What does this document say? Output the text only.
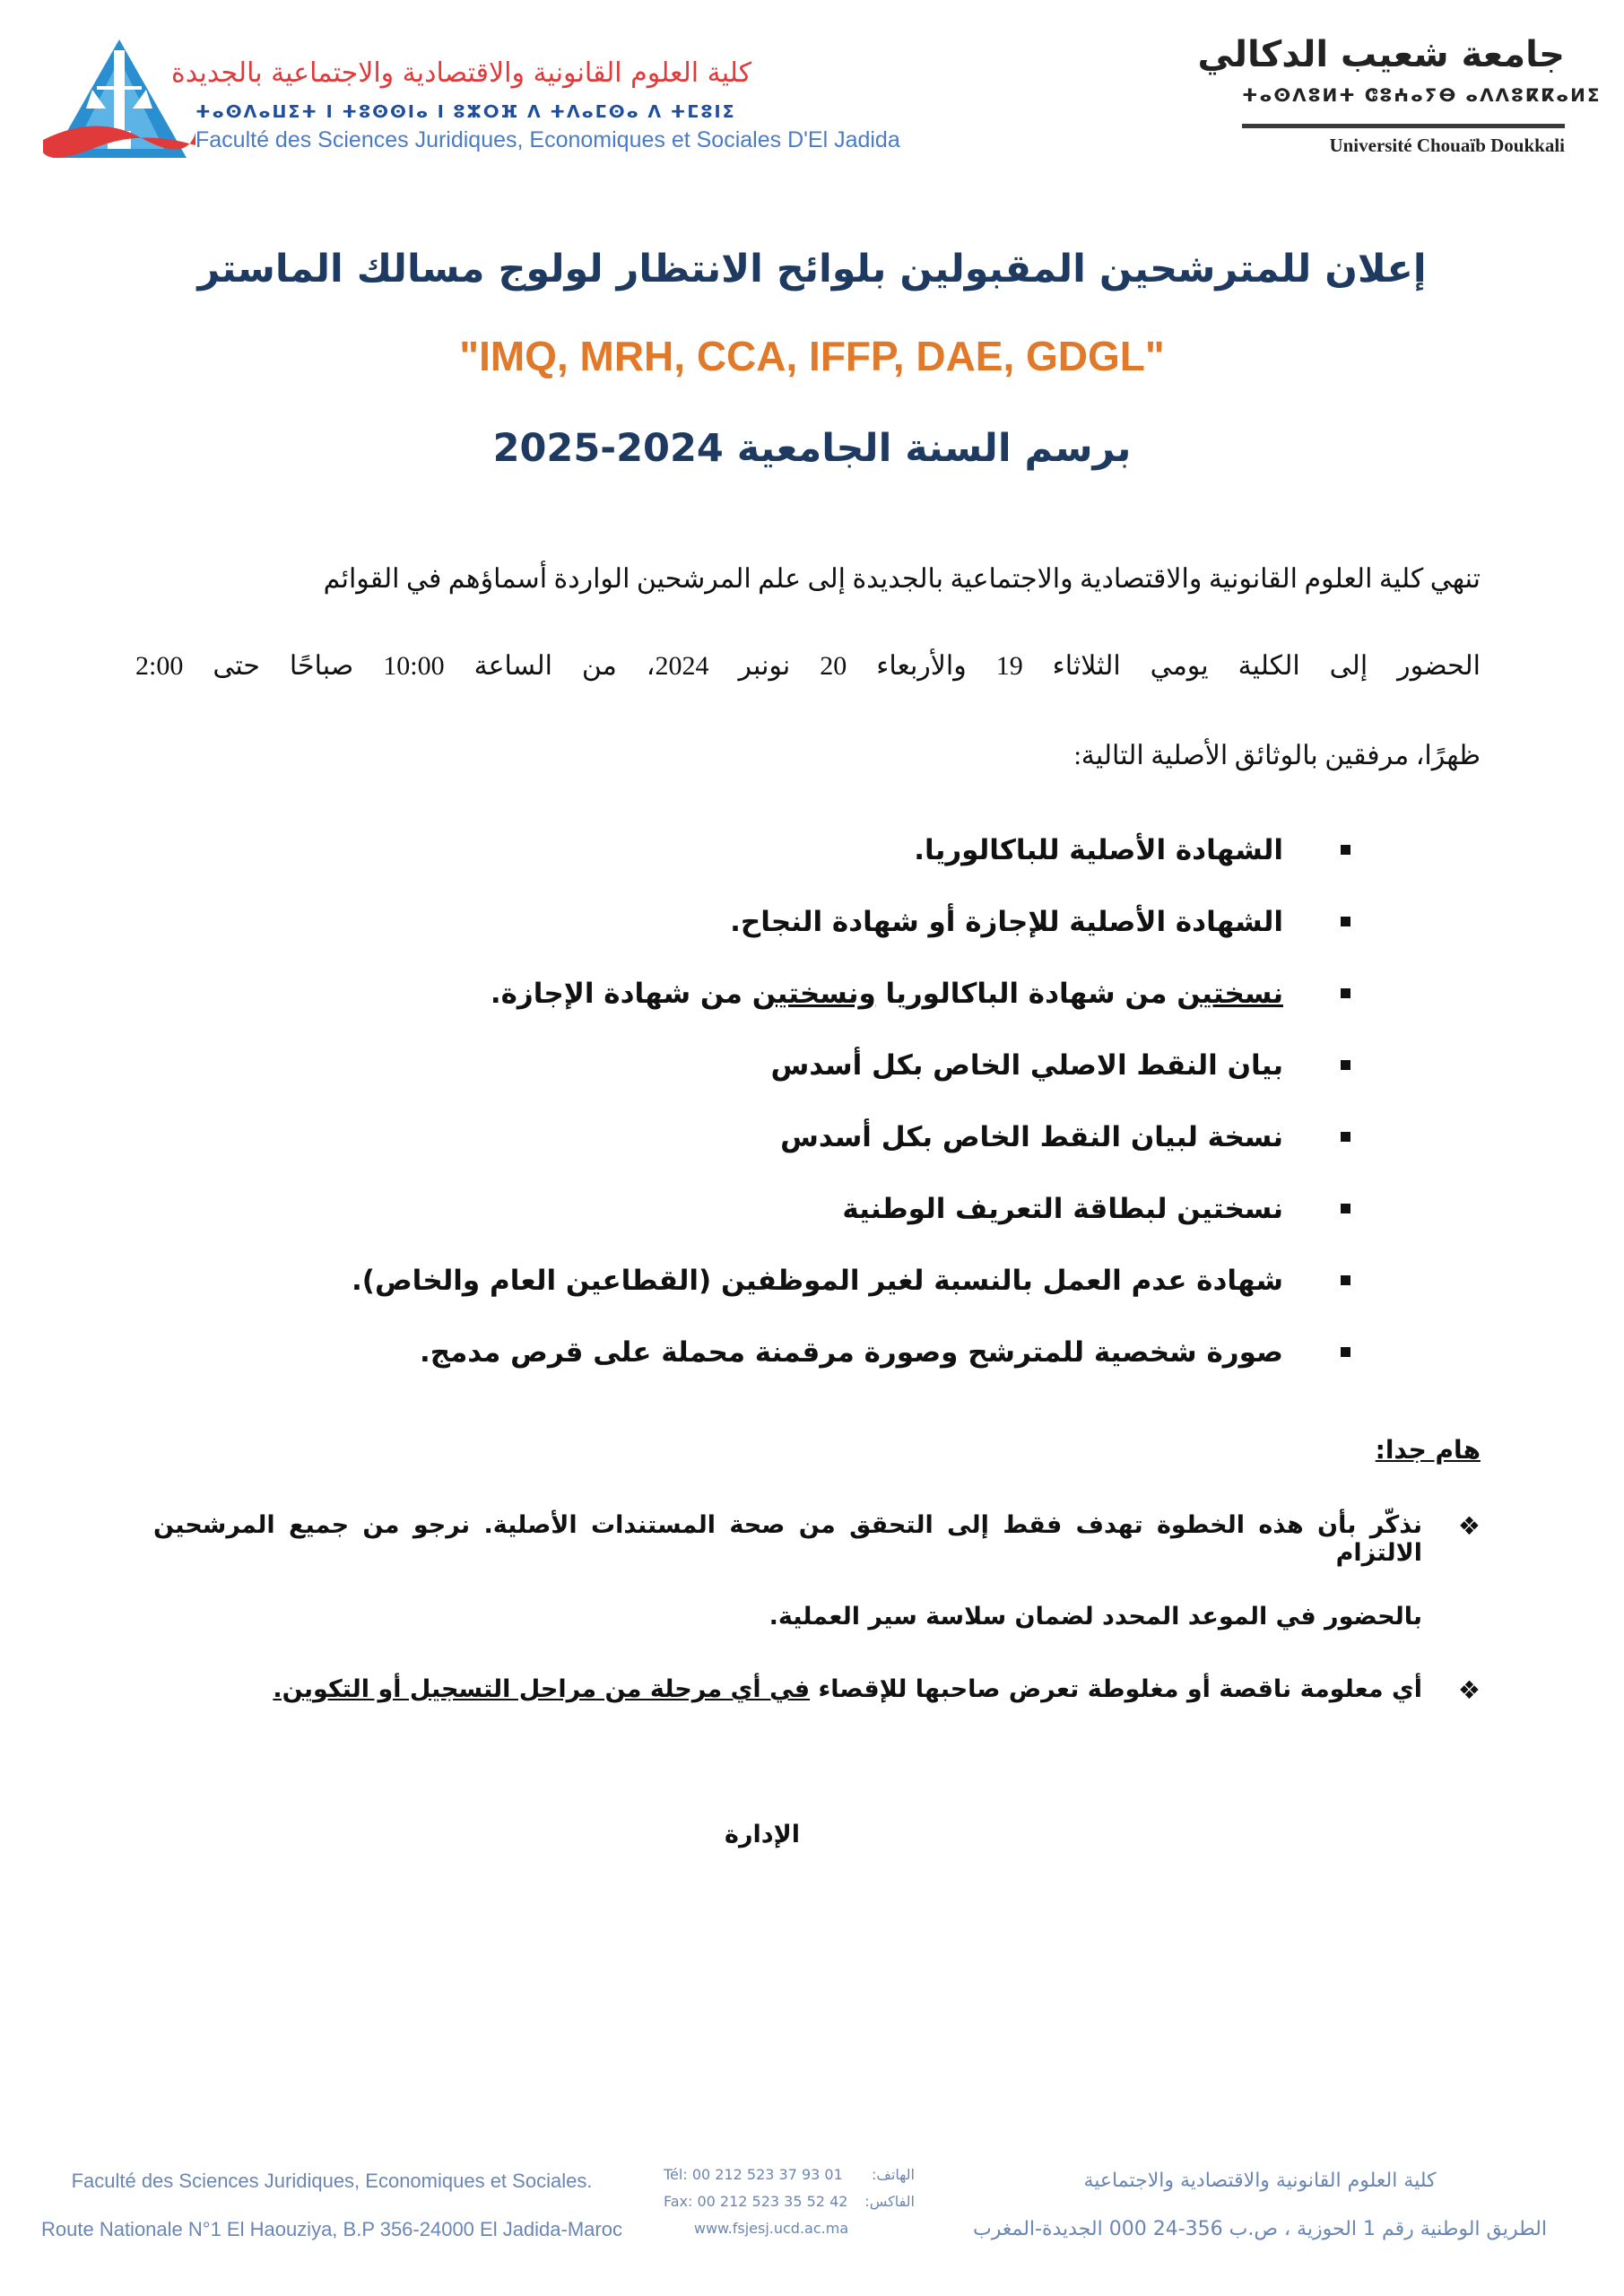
كلية العلوم القانونية والاقتصادية والاجتماعية بالجديدة
ⵜⴰⵙⴷⴰⵡⵉⵜ ⵏ ⵜⵓⵙⵙⵏⴰ ⵏ ⵓⵣⵔⴼ ⴷ ⵜⴷⴰⵎⵙⴰ ⴷ ⵜⵎⵓⵏⵉ
Faculté des Sciences Juridiques, Economiques et Sociales D'El Jadida
جامعة شعيب الدكالي
ⵜⴰⵙⴷⵓⵍⵜ ⵛⵓⵄⴰⵢⴱ ⴰⴷⴷⵓⴽⴽⴰⵍⵉ
Université Chouaïb Doukkali
إعلان للمترشحين المقبولين بلوائح الانتظار لولوج مسالك الماستر
"IMQ, MRH, CCA, IFFP, DAE, GDGL"
برسم السنة الجامعية 2024-2025
تنهي كلية العلوم القانونية والاقتصادية والاجتماعية بالجديدة إلى علم المرشحين الواردة أسماؤهم في القوائم
الحضور إلى الكلية يومي الثلاثاء 19 والأربعاء 20 نونبر 2024، من الساعة 10:00 صباحًا حتى 2:00
ظهرًا، مرفقين بالوثائق الأصلية التالية:
الشهادة الأصلية للباكالوريا.
الشهادة الأصلية للإجازة أو شهادة النجاح.
نسختين من شهادة الباكالوريا ونسختين من شهادة الإجازة.
بيان النقط الاصلي الخاص بكل أسدس
نسخة لبيان النقط الخاص بكل أسدس
نسختين لبطاقة التعريف الوطنية
شهادة عدم العمل بالنسبة لغير الموظفين (القطاعين العام والخاص).
صورة شخصية للمترشح وصورة مرقمنة محملة على قرص مدمج.
هام جدا:
❖
نذكّر بأن هذه الخطوة تهدف فقط إلى التحقق من صحة المستندات الأصلية. نرجو من جميع المرشحين الالتزام
بالحضور في الموعد المحدد لضمان سلاسة سير العملية.
❖
أي معلومة ناقصة أو مغلوطة تعرض صاحبها للإقصاء في أي مرحلة من مراحل التسجيل أو التكوين.
الإدارة
Faculté des Sciences Juridiques, Economiques et Sociales.
Route Nationale N°1 El Haouziya, B.P 356-24000 El Jadida-Maroc
Tél: 00 212 523 37 93 01 الهاتف:
Fax: 00 212 523 35 52 42 الفاكس:
www.fsjesj.ucd.ac.ma
كلية العلوم القانونية والاقتصادية والاجتماعية
الطريق الوطنية رقم 1 الحوزية ، ص.ب 356-24 000 الجديدة-المغرب
